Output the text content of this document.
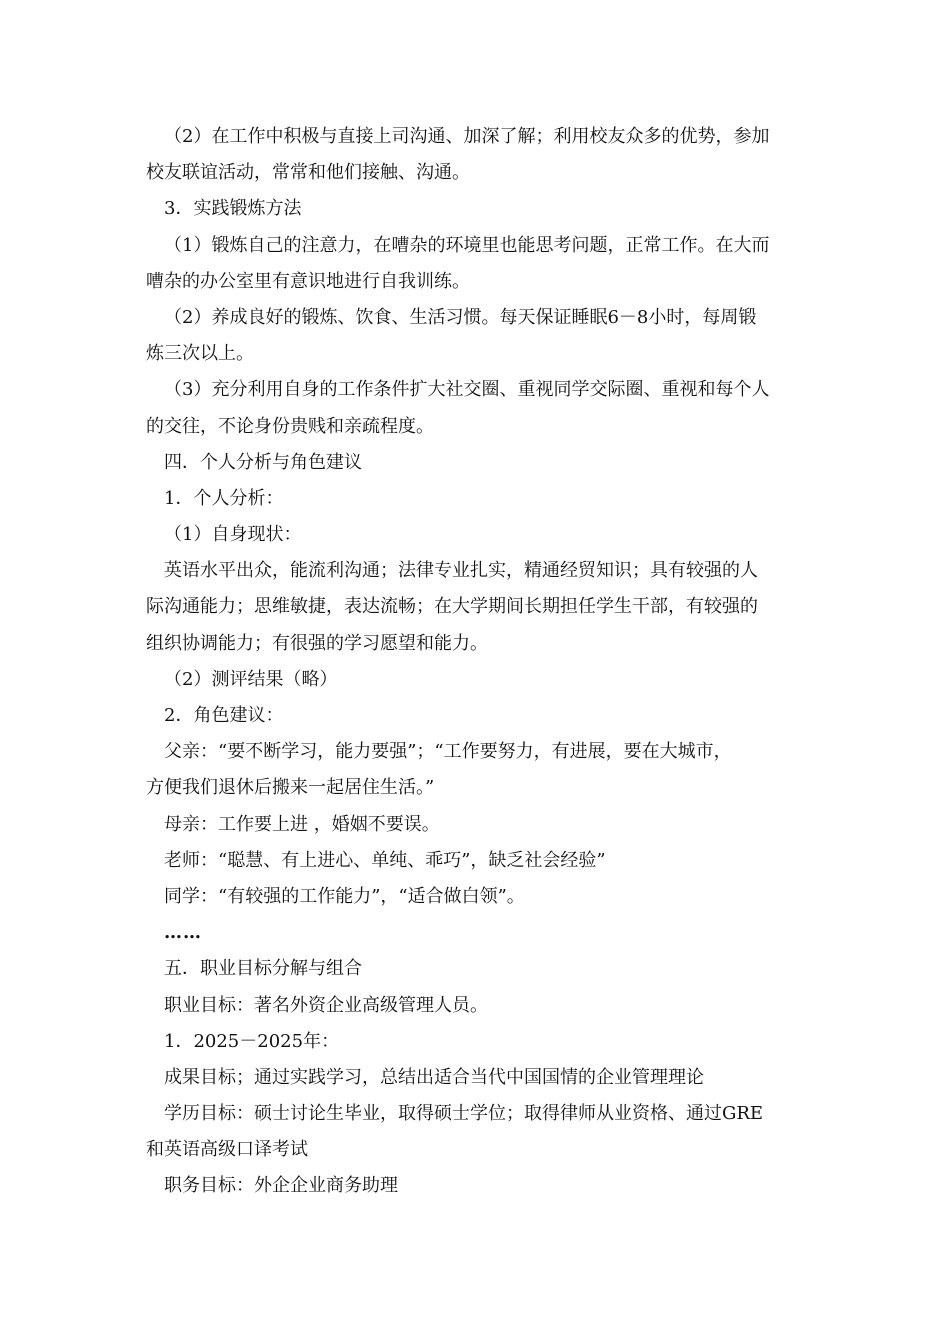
（2）在工作中积极与直接上司沟通、加深了解；利用校友众多的优势，参加
校友联谊活动，常常和他们接触、沟通。
3．实践锻炼方法
（1）锻炼自己的注意力，在嘈杂的环境里也能思考问题，正常工作。在大而
嘈杂的办公室里有意识地进行自我训练。
（2）养成良好的锻炼、饮食、生活习惯。每天保证睡眠6－8小时，每周锻
炼三次以上。
（3）充分利用自身的工作条件扩大社交圈、重视同学交际圈、重视和每个人
的交往，不论身份贵贱和亲疏程度。
四．个人分析与角色建议
1．个人分析：
（1）自身现状：
英语水平出众，能流利沟通；法律专业扎实，精通经贸知识；具有较强的人
际沟通能力；思维敏捷，表达流畅；在大学期间长期担任学生干部，有较强的
组织协调能力；有很强的学习愿望和能力。
（2）测评结果（略）
2．角色建议：
父亲：“要不断学习，能力要强”；“工作要努力，有进展，要在大城市，
方便我们退休后搬来一起居住生活。”
母亲：工作要上进 ，婚姻不要误。
老师：“聪慧、有上进心、单纯、乖巧”，缺乏社会经验”
同学：“有较强的工作能力”，“适合做白领”。
……
五．职业目标分解与组合
职业目标：著名外资企业高级管理人员。
1．2025－2025年：
成果目标；通过实践学习，总结出适合当代中国国情的企业管理理论
学历目标：硕士讨论生毕业，取得硕士学位；取得律师从业资格、通过GRE
和英语高级口译考试
职务目标：外企企业商务助理
